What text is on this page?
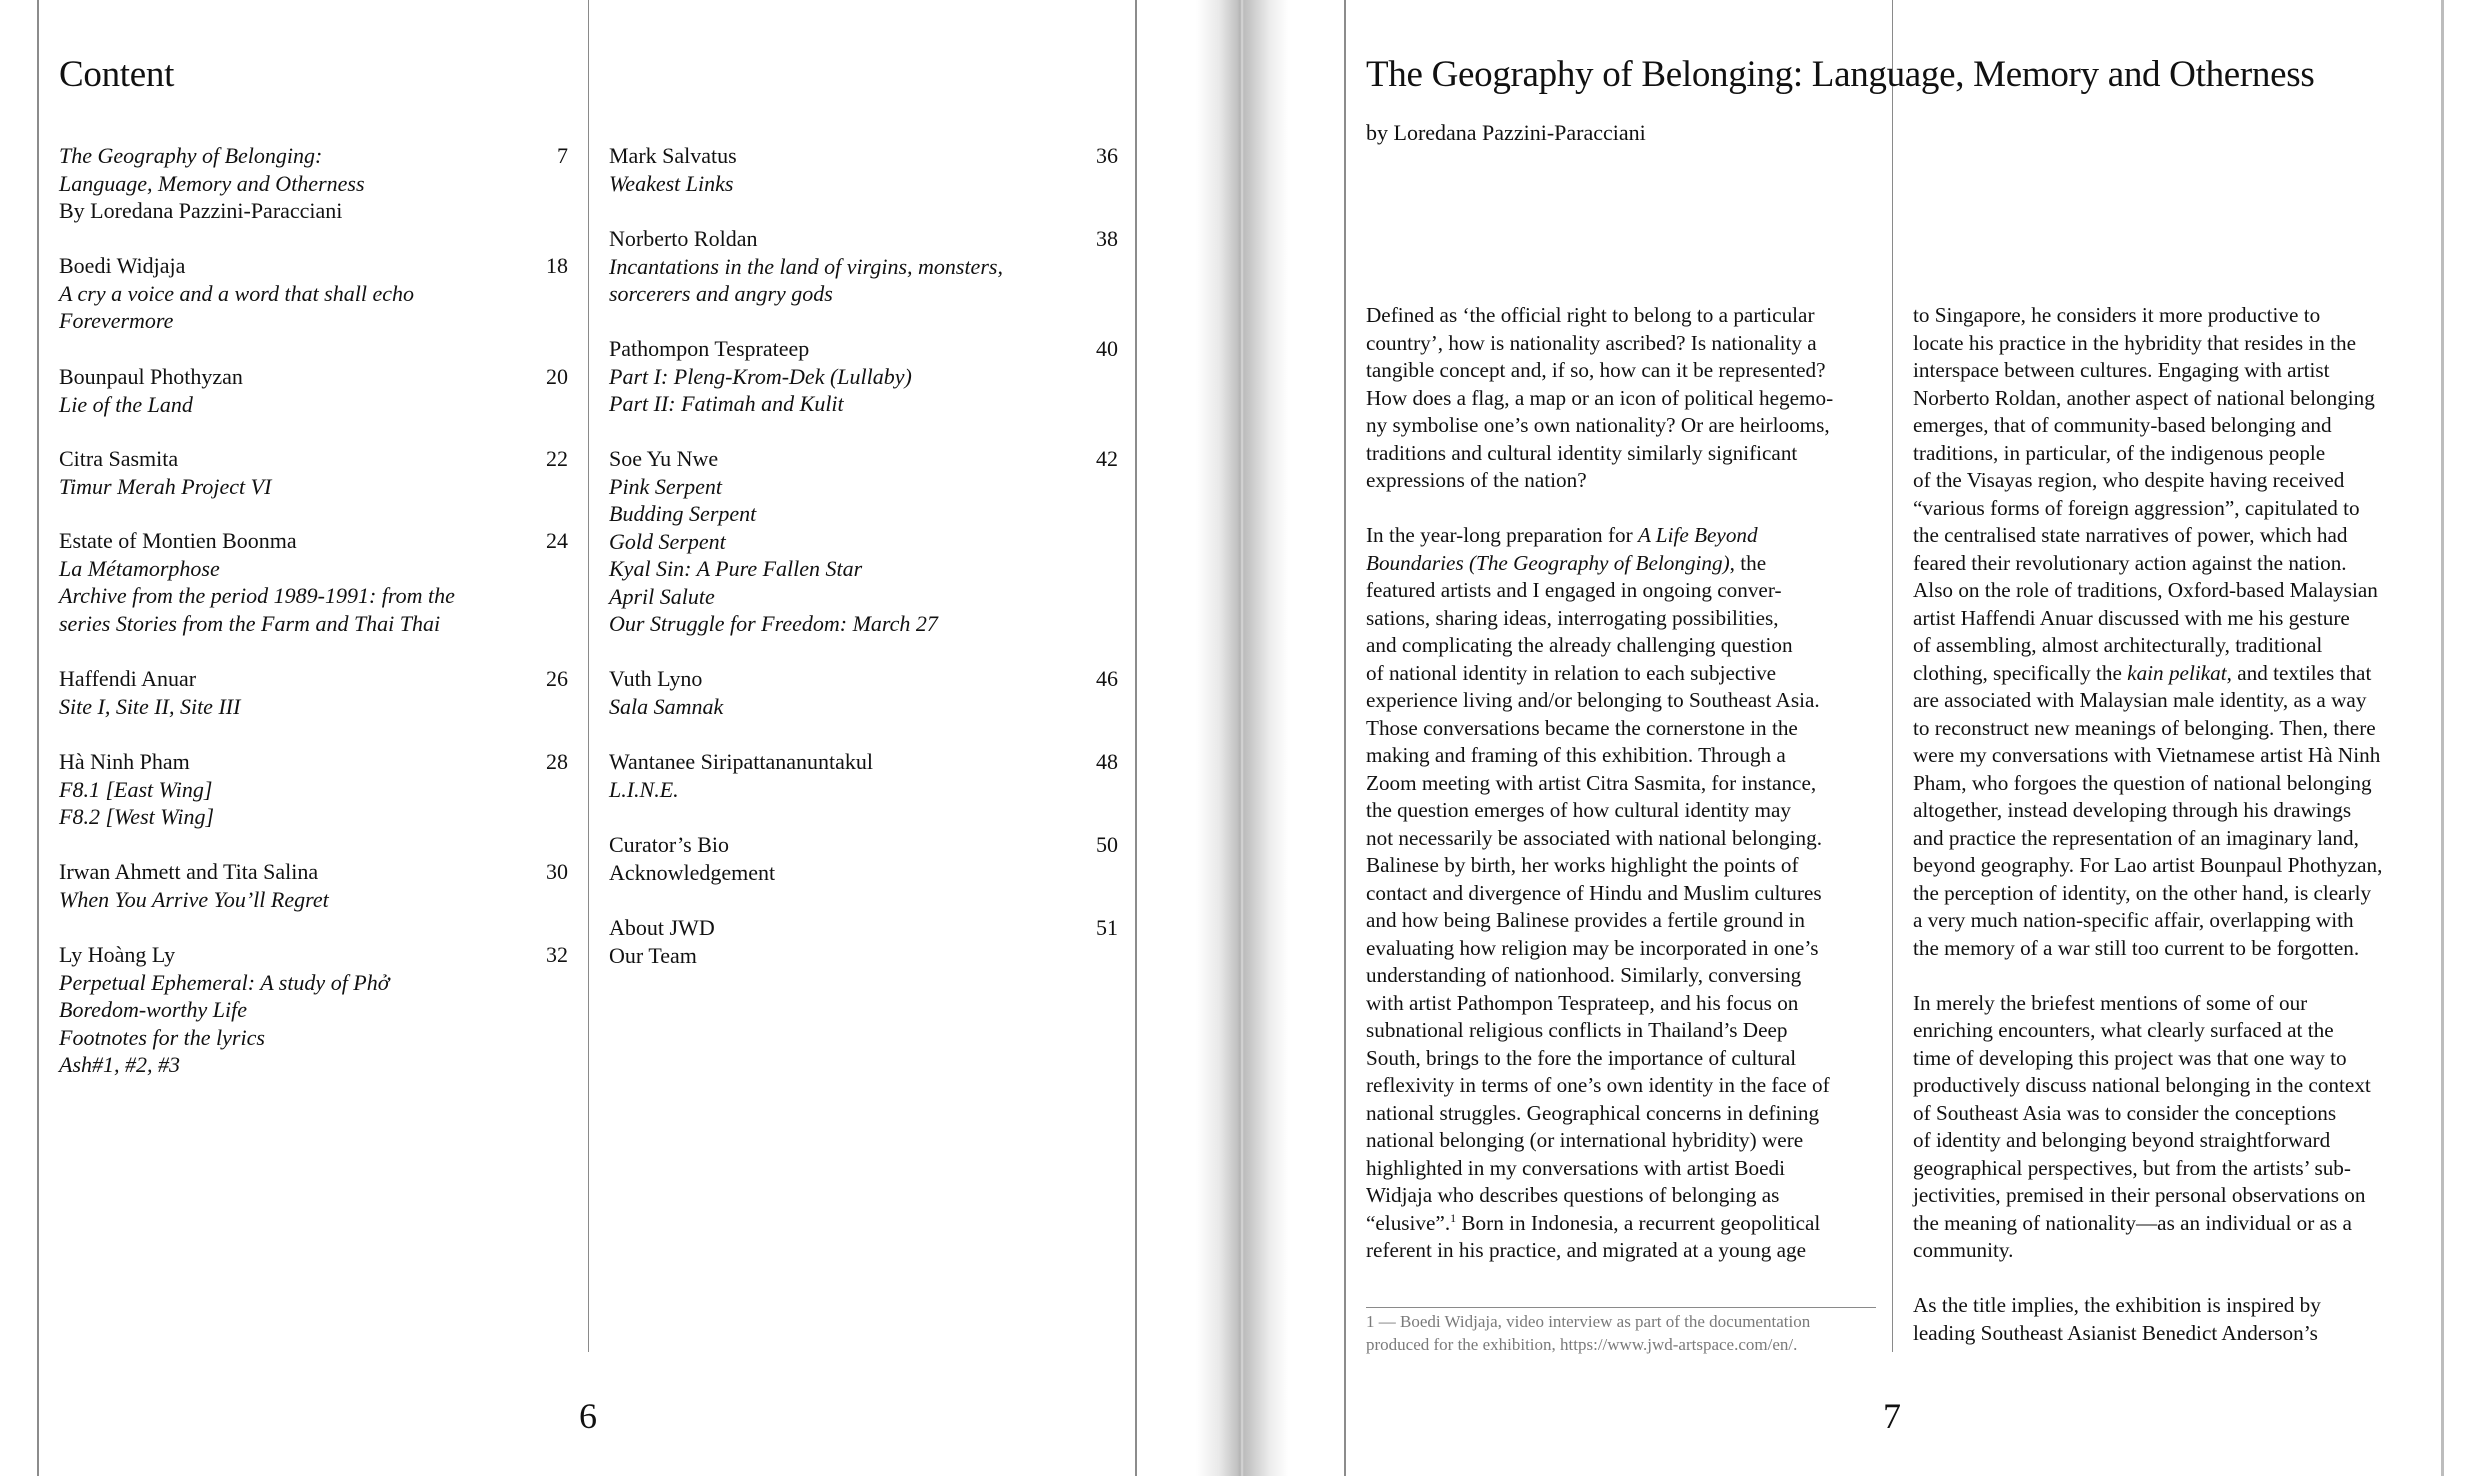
Content
The Geography of Belonging:
Language, Memory and Otherness
By Loredana Pazzini-Paracciani
7
Boedi Widjaja
A cry a voice and a word that shall echo
Forevermore
18
Bounpaul Phothyzan
Lie of the Land
20
Citra Sasmita
Timur Merah Project VI
22
Estate of Montien Boonma
La Métamorphose
Archive from the period 1989-1991: from the
series Stories from the Farm and Thai Thai
24
Haffendi Anuar
Site I, Site II, Site III
26
Hà Ninh Pham
F8.1 [East Wing]
F8.2 [West Wing]
28
Irwan Ahmett and Tita Salina
When You Arrive You’ll Regret
30
Ly Hoàng Ly
Perpetual Ephemeral: A study of Phở
Boredom-worthy Life
Footnotes for the lyrics
Ash#1, #2, #3
32
Mark Salvatus
Weakest Links
36
Norberto Roldan
Incantations in the land of virgins, monsters,
sorcerers and angry gods
38
Pathompon Tesprateep
Part I: Pleng-Krom-Dek (Lullaby)
Part II: Fatimah and Kulit
40
Soe Yu Nwe
Pink Serpent
Budding Serpent
Gold Serpent
Kyal Sin: A Pure Fallen Star
April Salute
Our Struggle for Freedom: March 27
42
Vuth Lyno
Sala Samnak
46
Wantanee Siripattananuntakul
L.I.N.E.
48
Curator’s Bio
Acknowledgement
50
About JWD
Our Team
51
6
The Geography of Belonging: Language, Memory and Otherness
by Loredana Pazzini-Paracciani
Defined as ‘the official right to belong to a particular
country’, how is nationality ascribed? Is nationality a
tangible concept and, if so, how can it be represented?
How does a flag, a map or an icon of political hegemo-
ny symbolise one’s own nationality? Or are heirlooms,
traditions and cultural identity similarly significant
expressions of the nation?
In the year-long preparation for A Life Beyond
Boundaries (The Geography of Belonging), the
featured artists and I engaged in ongoing conver-
sations, sharing ideas, interrogating possibilities,
and complicating the already challenging question
of national identity in relation to each subjective
experience living and/or belonging to Southeast Asia.
Those conversations became the cornerstone in the
making and framing of this exhibition. Through a
Zoom meeting with artist Citra Sasmita, for instance,
the question emerges of how cultural identity may
not necessarily be associated with national belonging.
Balinese by birth, her works highlight the points of
contact and divergence of Hindu and Muslim cultures
and how being Balinese provides a fertile ground in
evaluating how religion may be incorporated in one’s
understanding of nationhood. Similarly, conversing
with artist Pathompon Tesprateep, and his focus on
subnational religious conflicts in Thailand’s Deep
South, brings to the fore the importance of cultural
reflexivity in terms of one’s own identity in the face of
national struggles. Geographical concerns in defining
national belonging (or international hybridity) were
highlighted in my conversations with artist Boedi
Widjaja who describes questions of belonging as
“elusive”.$^1$ Born in Indonesia, a recurrent geopolitical
referent in his practice, and migrated at a young age
1 — Boedi Widjaja, video interview as part of the documentation
produced for the exhibition, https://www.jwd-artspace.com/en/.
to Singapore, he considers it more productive to
locate his practice in the hybridity that resides in the
interspace between cultures. Engaging with artist
Norberto Roldan, another aspect of national belonging
emerges, that of community-based belonging and
traditions, in particular, of the indigenous people
of the Visayas region, who despite having received
“various forms of foreign aggression”, capitulated to
the centralised state narratives of power, which had
feared their revolutionary action against the nation.
Also on the role of traditions, Oxford-based Malaysian
artist Haffendi Anuar discussed with me his gesture
of assembling, almost architecturally, traditional
clothing, specifically the kain pelikat, and textiles that
are associated with Malaysian male identity, as a way
to reconstruct new meanings of belonging. Then, there
were my conversations with Vietnamese artist Hà Ninh
Pham, who forgoes the question of national belonging
altogether, instead developing through his drawings
and practice the representation of an imaginary land,
beyond geography. For Lao artist Bounpaul Phothyzan,
the perception of identity, on the other hand, is clearly
a very much nation-specific affair, overlapping with
the memory of a war still too current to be forgotten.
In merely the briefest mentions of some of our
enriching encounters, what clearly surfaced at the
time of developing this project was that one way to
productively discuss national belonging in the context
of Southeast Asia was to consider the conceptions
of identity and belonging beyond straightforward
geographical perspectives, but from the artists’ sub-
jectivities, premised in their personal observations on
the meaning of nationality—as an individual or as a
community.
As the title implies, the exhibition is inspired by
leading Southeast Asianist Benedict Anderson’s
7
